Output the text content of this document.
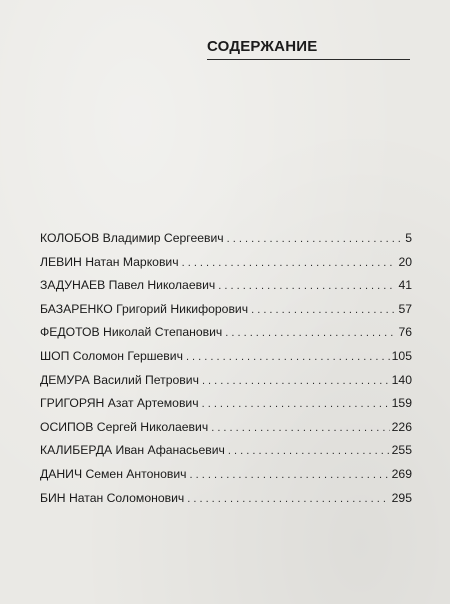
СОДЕРЖАНИЕ
КОЛОБОВ Владимир Сергеевич . . .	5
ЛЕВИН Натан Маркович . . .	20
ЗАДУНАЕВ Павел Николаевич . . .	41
БАЗАРЕНКО Григорий Никифорович . . .	57
ФЕДОТОВ Николай Степанович . . .	76
ШОП Соломон Гершевич . . .	105
ДЕМУРА Василий Петрович . . .	140
ГРИГОРЯН Азат Артемович . . .	159
ОСИПОВ Сергей Николаевич . . .	226
КАЛИБЕРДА Иван Афанасьевич . . .	255
ДАНИЧ Семен Антонович . . .	269
БИН Натан Соломонович . . .	295
